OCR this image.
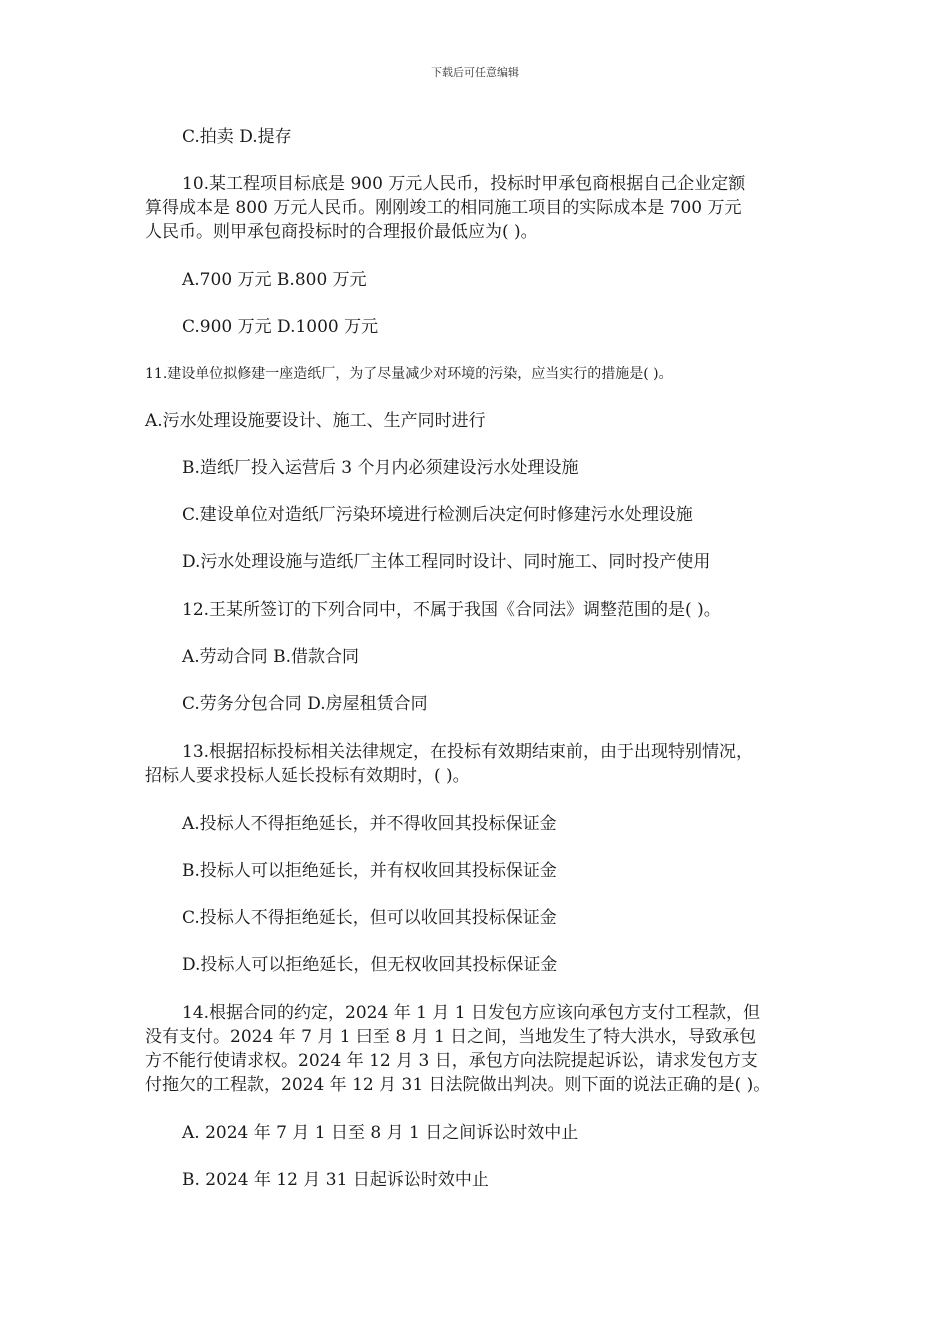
下载后可任意编辑
C.拍卖 D.提存
10.某工程项目标底是 900 万元人民币，投标时甲承包商根据自己企业定额
算得成本是 800 万元人民币。刚刚竣工的相同施工项目的实际成本是 700 万元
人民币。则甲承包商投标时的合理报价最低应为( )。
A.700 万元 B.800 万元
C.900 万元 D.1000 万元
11.建设单位拟修建一座造纸厂，为了尽量减少对环境的污染，应当实行的措施是( )。
A.污水处理设施要设计、施工、生产同时进行
B.造纸厂投入运营后 3 个月内必须建设污水处理设施
C.建设单位对造纸厂污染环境进行检测后决定何时修建污水处理设施
D.污水处理设施与造纸厂主体工程同时设计、同时施工、同时投产使用
12.王某所签订的下列合同中，不属于我国《合同法》调整范围的是( )。
A.劳动合同 B.借款合同
C.劳务分包合同 D.房屋租赁合同
13.根据招标投标相关法律规定，在投标有效期结束前，由于出现特别情况，
招标人要求投标人延长投标有效期时，( )。
A.投标人不得拒绝延长，并不得收回其投标保证金
B.投标人可以拒绝延长，并有权收回其投标保证金
C.投标人不得拒绝延长，但可以收回其投标保证金
D.投标人可以拒绝延长，但无权收回其投标保证金
14.根据合同的约定，2024 年 1 月 1 日发包方应该向承包方支付工程款，但
没有支付。2024 年 7 月 1 曰至 8 月 1 日之间，当地发生了特大洪水，导致承包
方不能行使请求权。2024 年 12 月 3 日，承包方向法院提起诉讼，请求发包方支
付拖欠的工程款，2024 年 12 月 31 日法院做出判决。则下面的说法正确的是( )。
A. 2024 年 7 月 1 日至 8 月 1 日之间诉讼时效中止
B. 2024 年 12 月 31 日起诉讼时效中止
